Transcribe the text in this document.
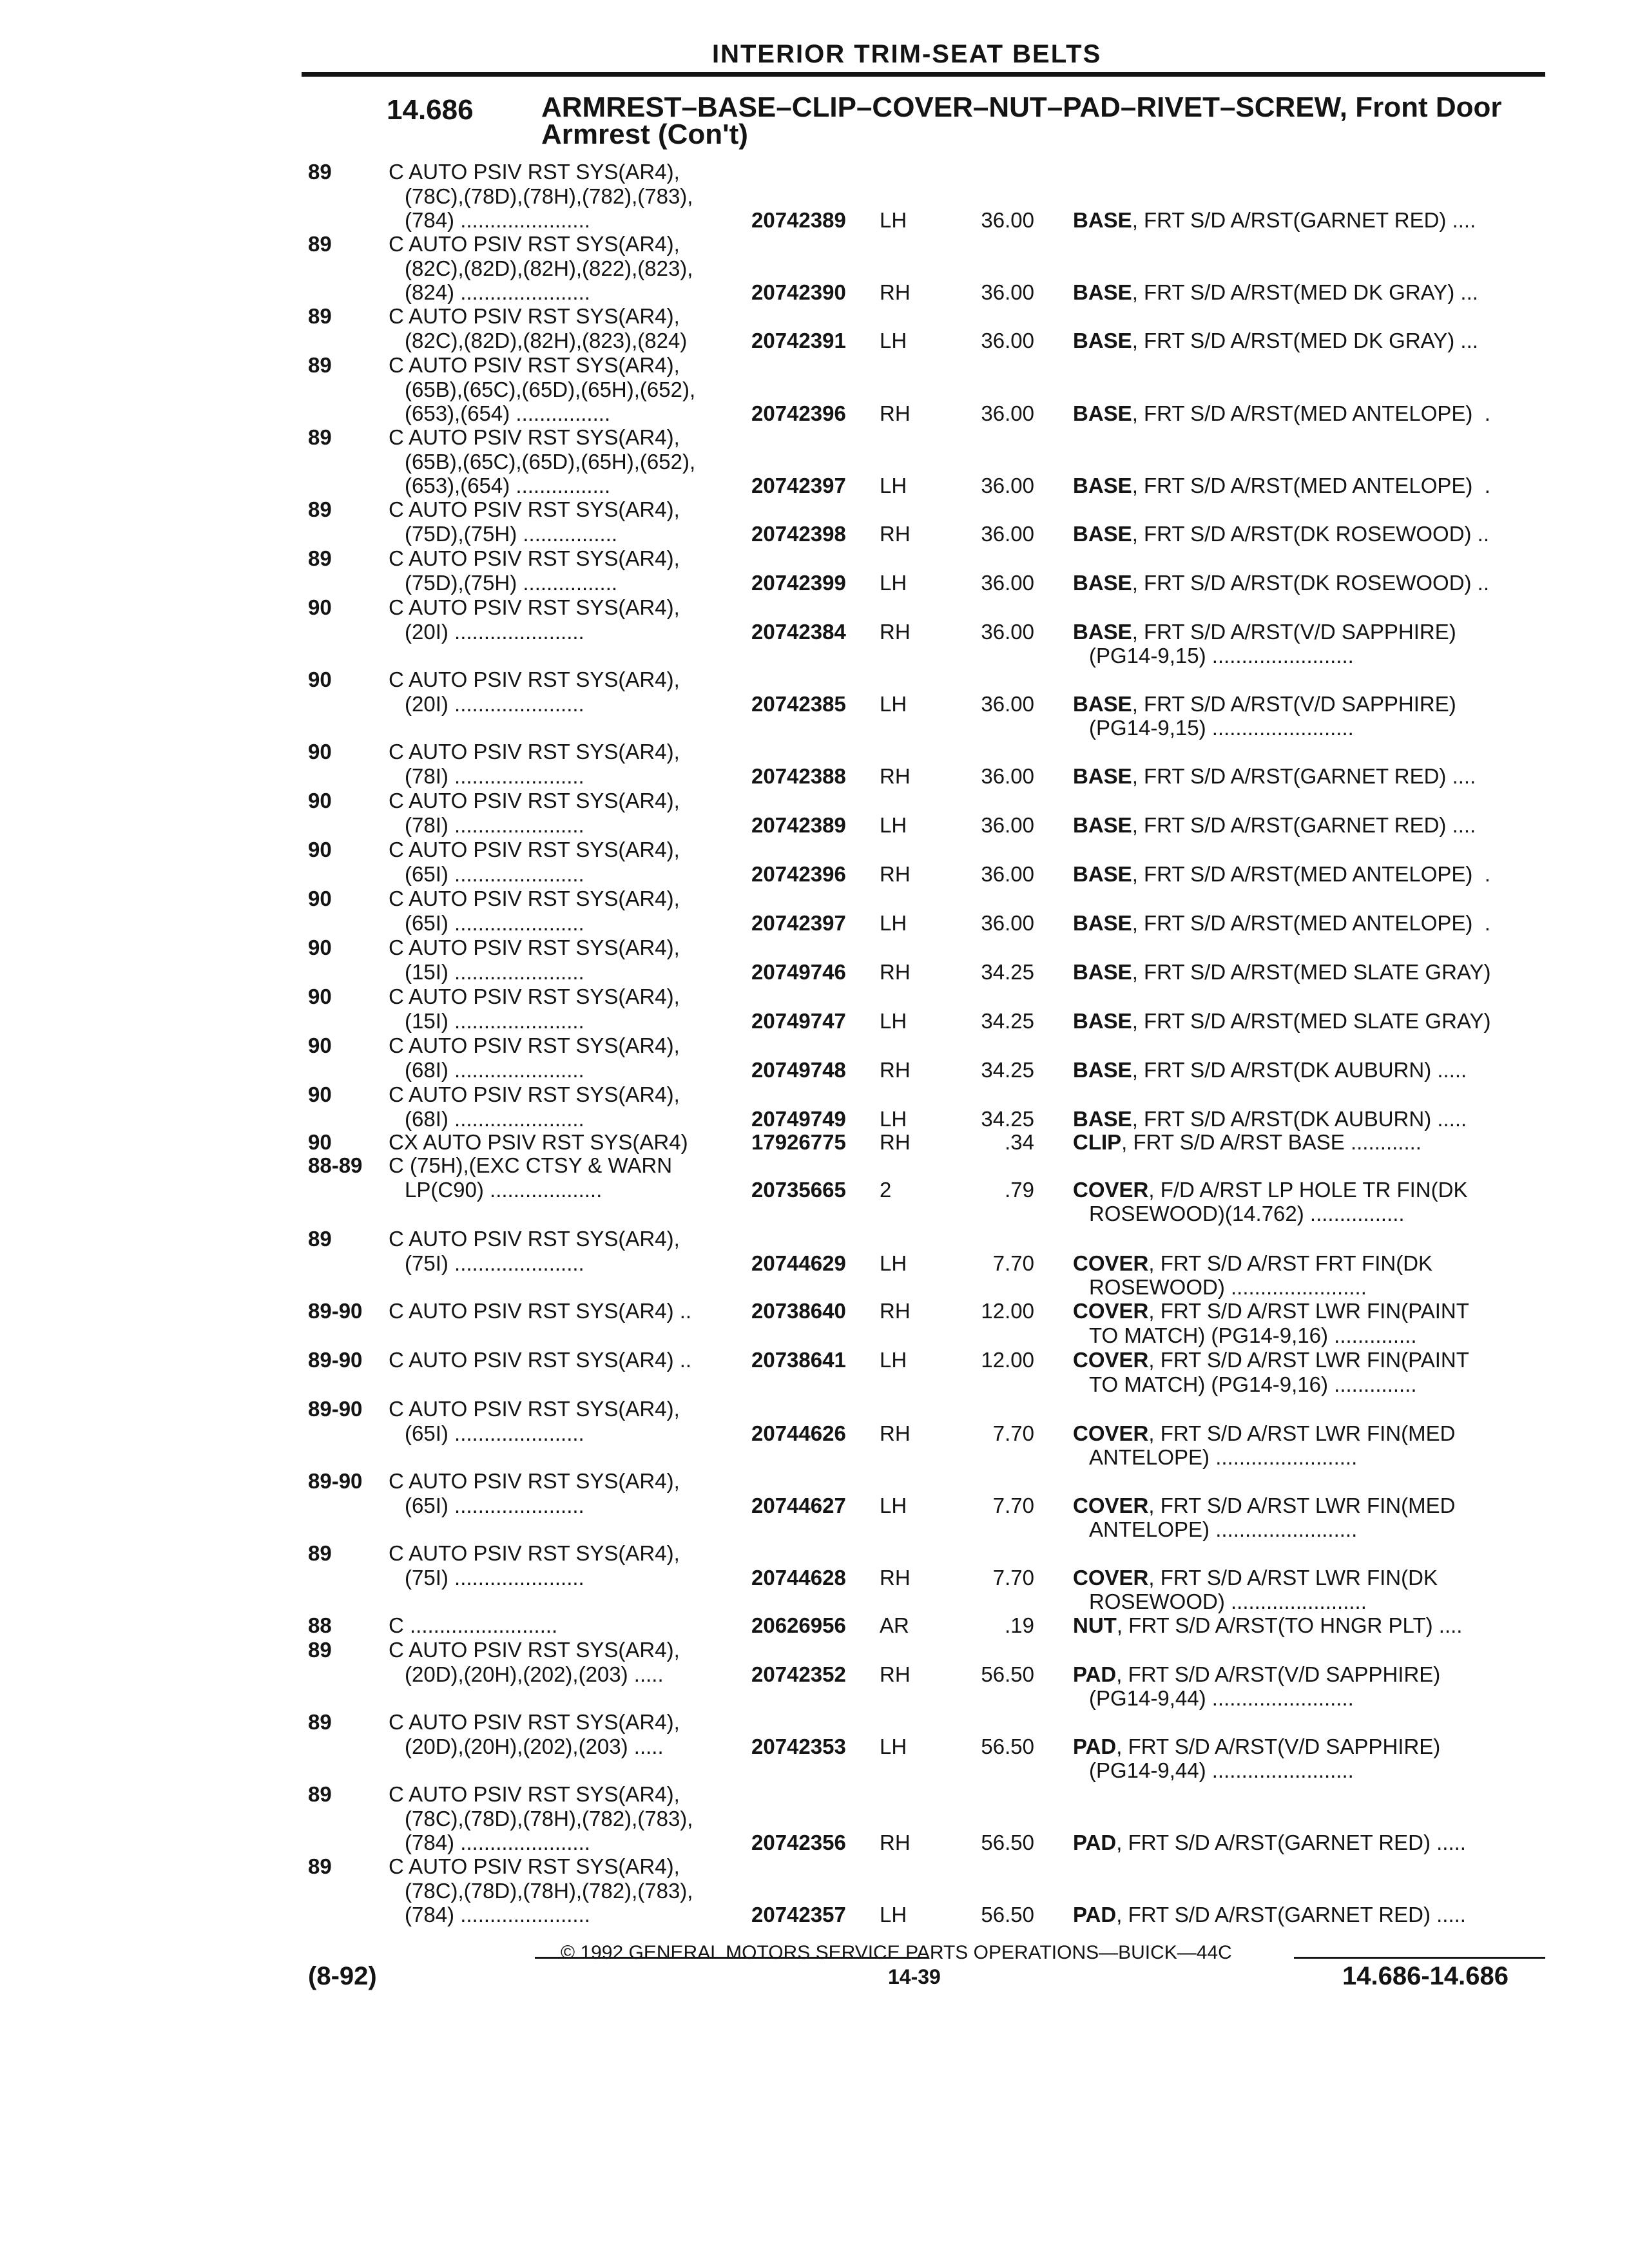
INTERIOR TRIM-SEAT BELTS
14.686 ARMREST–BASE–CLIP–COVER–NUT–PAD–RIVET–SCREW, Front Door
Armrest (Con't)
89	C AUTO PSIV RST SYS(AR4),
(78C),(78D),(78H),(782),(783),
(784) ......................	20742389 LH	36.00 BASE, FRT S/D A/RST(GARNET RED) ....
89	C AUTO PSIV RST SYS(AR4),
(82C),(82D),(82H),(822),(823),
(824) ......................	20742390 RH	36.00 BASE, FRT S/D A/RST(MED DK GRAY) ...
89	C AUTO PSIV RST SYS(AR4),
(82C),(82D),(82H),(823),(824)	20742391 LH	36.00 BASE, FRT S/D A/RST(MED DK GRAY) ...
89	C AUTO PSIV RST SYS(AR4),
(65B),(65C),(65D),(65H),(652),
(653),(654) ................	20742396 RH	36.00 BASE, FRT S/D A/RST(MED ANTELOPE)  .
89	C AUTO PSIV RST SYS(AR4),
(65B),(65C),(65D),(65H),(652),
(653),(654) ................	20742397 LH	36.00 BASE, FRT S/D A/RST(MED ANTELOPE)  .
89	C AUTO PSIV RST SYS(AR4),
(75D),(75H) ................	20742398 RH	36.00 BASE, FRT S/D A/RST(DK ROSEWOOD) ..
89	C AUTO PSIV RST SYS(AR4),
(75D),(75H) ................	20742399 LH	36.00 BASE, FRT S/D A/RST(DK ROSEWOOD) ..
90	C AUTO PSIV RST SYS(AR4),
(20I) ......................	20742384 RH	36.00 BASE, FRT S/D A/RST(V/D SAPPHIRE)
(PG14-9,15) ........................
90	C AUTO PSIV RST SYS(AR4),
(20I) ......................	20742385 LH	36.00 BASE, FRT S/D A/RST(V/D SAPPHIRE)
(PG14-9,15) ........................
90	C AUTO PSIV RST SYS(AR4),
(78I) ......................	20742388 RH	36.00 BASE, FRT S/D A/RST(GARNET RED) ....
90	C AUTO PSIV RST SYS(AR4),
(78I) ......................	20742389 LH	36.00 BASE, FRT S/D A/RST(GARNET RED) ....
90	C AUTO PSIV RST SYS(AR4),
(65I) ......................	20742396 RH	36.00 BASE, FRT S/D A/RST(MED ANTELOPE)  .
90	C AUTO PSIV RST SYS(AR4),
(65I) ......................	20742397 LH	36.00 BASE, FRT S/D A/RST(MED ANTELOPE)  .
90	C AUTO PSIV RST SYS(AR4),
(15I) ......................	20749746 RH	34.25 BASE, FRT S/D A/RST(MED SLATE GRAY)
90	C AUTO PSIV RST SYS(AR4),
(15I) ......................	20749747 LH	34.25 BASE, FRT S/D A/RST(MED SLATE GRAY)
90	C AUTO PSIV RST SYS(AR4),
(68I) ......................	20749748 RH	34.25 BASE, FRT S/D A/RST(DK AUBURN) .....
90	C AUTO PSIV RST SYS(AR4),
(68I) ......................	20749749 LH	34.25 BASE, FRT S/D A/RST(DK AUBURN) .....
90	CX AUTO PSIV RST SYS(AR4)	17926775 RH	.34 CLIP, FRT S/D A/RST BASE ............
88-89 C (75H),(EXC CTSY & WARN
LP(C90) ...................	20735665 2	.79 COVER, F/D A/RST LP HOLE TR FIN(DK
ROSEWOOD)(14.762) ................
89	C AUTO PSIV RST SYS(AR4),
(75I) ......................	20744629 LH	7.70 COVER, FRT S/D A/RST FRT FIN(DK
ROSEWOOD) .......................
89-90 C AUTO PSIV RST SYS(AR4) ..	20738640 RH	12.00 COVER, FRT S/D A/RST LWR FIN(PAINT
TO MATCH) (PG14-9,16) ..............
89-90 C AUTO PSIV RST SYS(AR4) ..	20738641 LH	12.00 COVER, FRT S/D A/RST LWR FIN(PAINT
TO MATCH) (PG14-9,16) ..............
89-90 C AUTO PSIV RST SYS(AR4),
(65I) ......................	20744626 RH	7.70 COVER, FRT S/D A/RST LWR FIN(MED
ANTELOPE) ........................
89-90 C AUTO PSIV RST SYS(AR4),
(65I) ......................	20744627 LH	7.70 COVER, FRT S/D A/RST LWR FIN(MED
ANTELOPE) ........................
89	C AUTO PSIV RST SYS(AR4),
(75I) ......................	20744628 RH	7.70 COVER, FRT S/D A/RST LWR FIN(DK
ROSEWOOD) .......................
88	C .........................	20626956 AR	.19 NUT, FRT S/D A/RST(TO HNGR PLT) ....
89	C AUTO PSIV RST SYS(AR4),
(20D),(20H),(202),(203) .....	20742352 RH	56.50 PAD, FRT S/D A/RST(V/D SAPPHIRE)
(PG14-9,44) ........................
89	C AUTO PSIV RST SYS(AR4),
(20D),(20H),(202),(203) .....	20742353 LH	56.50 PAD, FRT S/D A/RST(V/D SAPPHIRE)
(PG14-9,44) ........................
89	C AUTO PSIV RST SYS(AR4),
(78C),(78D),(78H),(782),(783),
(784) ......................	20742356 RH	56.50 PAD, FRT S/D A/RST(GARNET RED) .....
89	C AUTO PSIV RST SYS(AR4),
(78C),(78D),(78H),(782),(783),
(784) ......................	20742357 LH	56.50 PAD, FRT S/D A/RST(GARNET RED) .....
© 1992 GENERAL MOTORS SERVICE PARTS OPERATIONS—BUICK—44C
(8-92)	14-39	14.686-14.686
